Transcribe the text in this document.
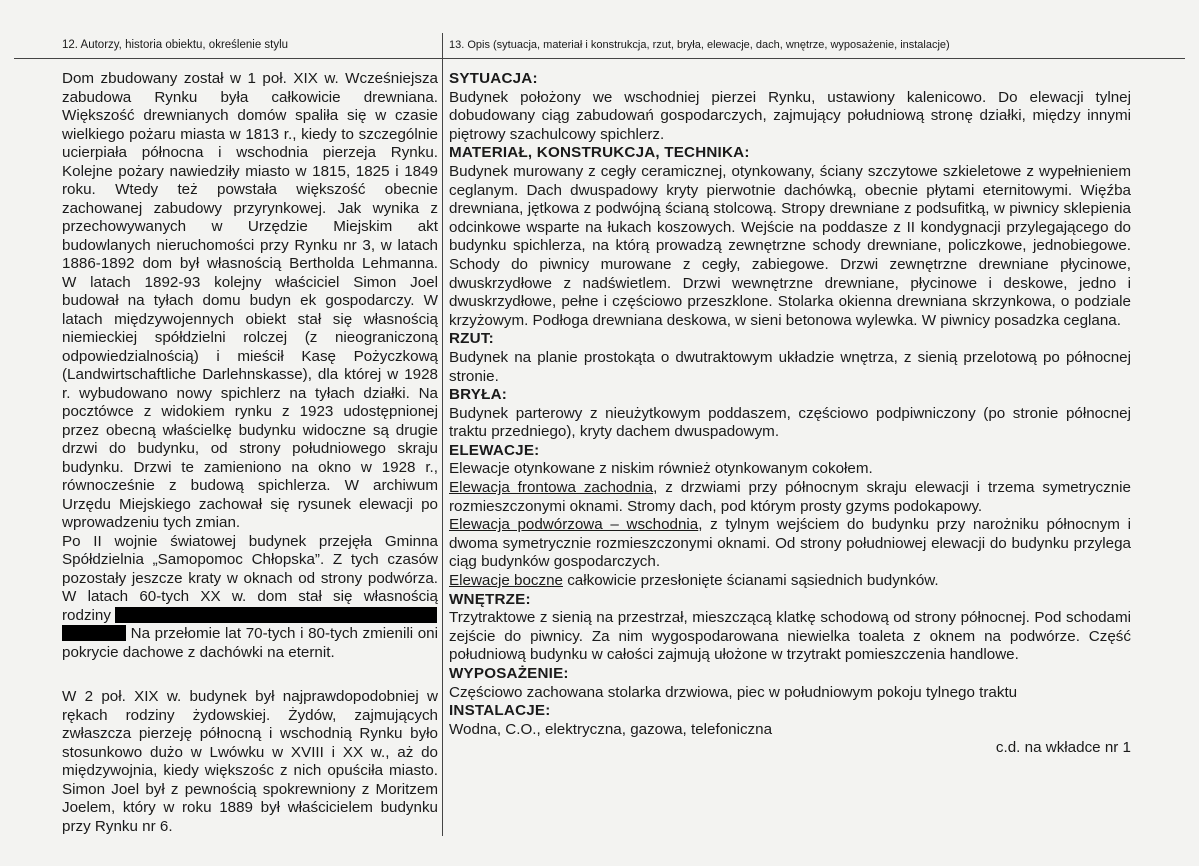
12. Autorzy, historia obiektu, określenie stylu	13. Opis (sytuacja, materiał i konstrukcja, rzut, bryła, elewacje, dach, wnętrze, wyposażenie, instalacje)

Dom zbudowany został w 1 poł. XIX w. Wcześniejsza zabudowa Rynku była całkowicie drewniana. Większość drewnianych domów spaliła się w czasie wielkiego pożaru miasta w 1813 r., kiedy to szczególnie ucierpiała północna i wschodnia pierzeja Rynku. Kolejne pożary nawiedziły miasto w 1815, 1825 i 1849 roku. Wtedy też powstała większość obecnie zachowanej zabudowy przyrynkowej. Jak wynika z przechowywanych w Urzędzie Miejskim akt budowlanych nieruchomości przy Rynku nr 3, w latach 1886-1892 dom był własnością Bertholda Lehmanna. W latach 1892-93 kolejny właściciel Simon Joel budował na tyłach domu budyn ek gospodarczy. W latach międzywojennych obiekt stał się własnością niemieckiej spółdzielni rolczej (z nieograniczoną odpowiedzialnością) i mieścił Kasę Pożyczkową (Landwirtschaftliche Darlehnskasse), dla której w 1928 r. wybudowano nowy spichlerz na tyłach działki. Na pocztówce z widokiem rynku z 1923 udostępnionej przez obecną właścielkę budynku widoczne są drugie drzwi do budynku, od strony południowego skraju budynku. Drzwi te zamieniono na okno w 1928 r., równocześnie z budową spichlerza. W archiwum Urzędu Miejskiego zachował się rysunek elewacji po wprowadzeniu tych zmian.

Po II wojnie światowej budynek przejęła Gminna Spółdzielnia „Samopomoc Chłopska”. Z tych czasów pozostały jeszcze kraty w oknach od strony podwórza. W latach 60-tych XX w. dom stał się własnością

rodziny
Na przełomie lat 70-tych i 80-tych zmienili oni pokrycie dachowe z dachówki na eternit.

W 2 poł. XIX w. budynek był najprawdopodobniej w rękach rodziny żydowskiej. Żydów, zajmujących zwłaszcza pierzeję północną i wschodnią Rynku było stosunkowo dużo w Lwówku w XVIII i XX w., aż do międzywojnia, kiedy większośc z nich opuściła miasto. Simon Joel był z pewnością spokrewniony z Moritzem Joelem, który w roku 1889 był właścicielem budynku przy Rynku nr 6.

SYTUACJA:

Budynek położony we wschodniej pierzei Rynku, ustawiony kalenicowo. Do elewacji tylnej dobudowany ciąg zabudowań gospodarczych, zajmujący południową stronę działki, między innymi piętrowy szachulcowy spichlerz.

MATERIAŁ, KONSTRUKCJA, TECHNIKA:

Budynek murowany z cegły ceramicznej, otynkowany, ściany szczytowe szkieletowe z wypełnieniem ceglanym. Dach dwuspadowy kryty pierwotnie dachówką, obecnie płytami eternitowymi. Więźba drewniana, jętkowa z podwójną ścianą stolcową. Stropy drewniane z podsufitką, w piwnicy sklepienia odcinkowe wsparte na łukach koszowych. Wejście na poddasze z II kondygnacji przylegającego do budynku spichlerza, na którą prowadzą zewnętrzne schody drewniane, policzkowe, jednobiegowe. Schody do piwnicy murowane z cegły, zabiegowe. Drzwi zewnętrzne drewniane płycinowe, dwuskrzydłowe z nadświetlem. Drzwi wewnętrzne drewniane, płycinowe i deskowe, jedno i dwuskrzydłowe, pełne i częściowo przeszklone. Stolarka okienna drewniana skrzynkowa, o podziale krzyżowym. Podłoga drewniana deskowa, w sieni betonowa wylewka. W piwnicy posadzka ceglana.

RZUT:

Budynek na planie prostokąta o dwutraktowym układzie wnętrza, z sienią przelotową po północnej stronie.

BRYŁA:

Budynek parterowy z nieużytkowym poddaszem, częściowo podpiwniczony (po stronie północnej traktu przedniego), kryty dachem dwuspadowym.

ELEWACJE:

Elewacje otynkowane z niskim również otynkowanym cokołem.

Elewacja frontowa zachodnia, z drzwiami przy północnym skraju elewacji i trzema symetrycznie rozmieszczonymi oknami. Stromy dach, pod którym prosty gzyms podokapowy.

Elewacja podwórzowa – wschodnia, z tylnym wejściem do budynku przy narożniku północnym i dwoma symetrycznie rozmieszczonymi oknami. Od strony południowej elewacji do budynku przylega ciąg budynków gospodarczych.

Elewacje boczne całkowicie przesłonięte ścianami sąsiednich budynków.

WNĘTRZE:

Trzytraktowe z sienią na przestrzał, mieszczącą klatkę schodową od strony północnej. Pod schodami zejście do piwnicy. Za nim wygospodarowana niewielka toaleta z oknem na podwórze. Część południową budynku w całości zajmują ułożone w trzytrakt pomieszczenia handlowe.

WYPOSAŻENIE:

Częściowo zachowana stolarka drzwiowa, piec w południowym pokoju tylnego traktu

INSTALACJE:

Wodna, C.O., elektryczna, gazowa, telefoniczna

c.d. na wkładce nr 1
